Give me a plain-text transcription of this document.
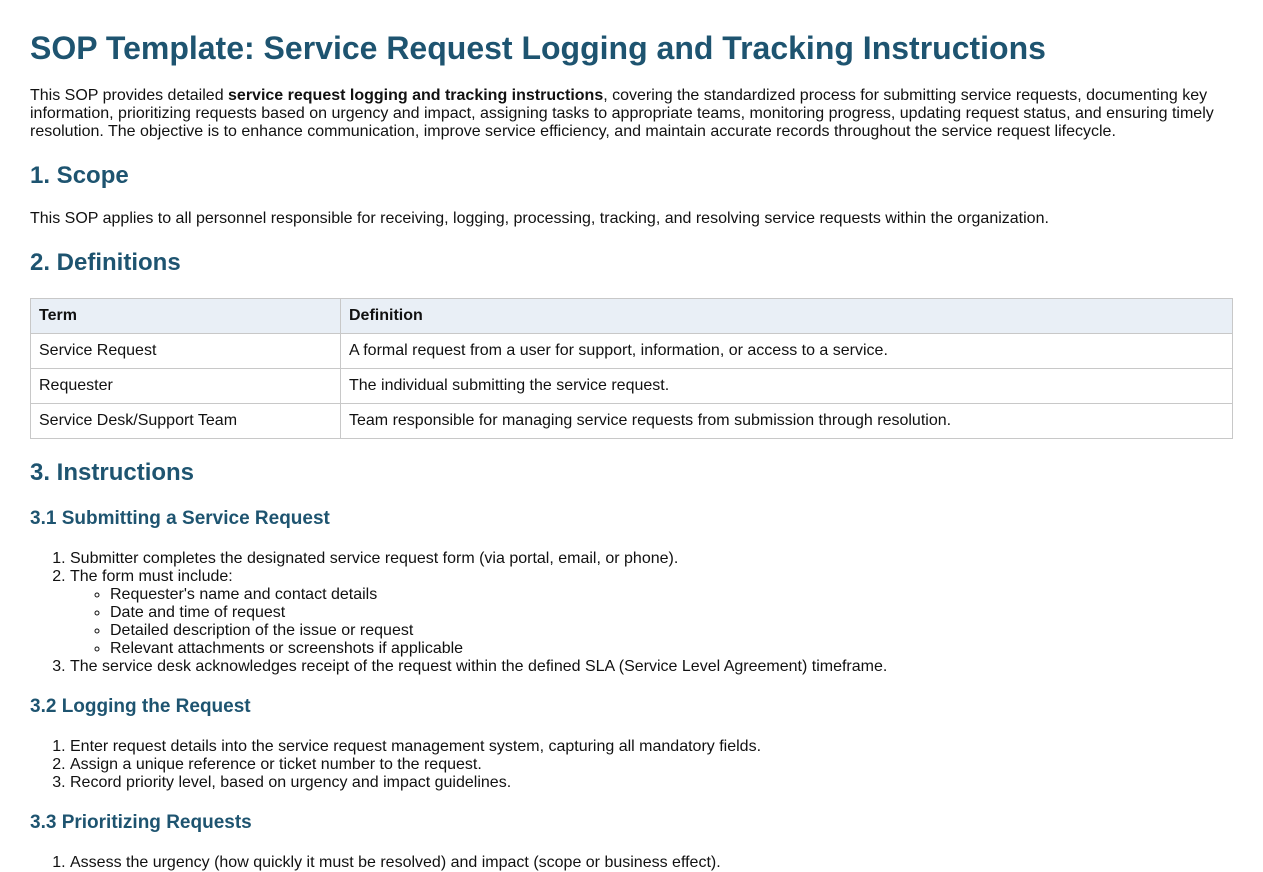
SOP Template: Service Request Logging and Tracking Instructions

This SOP provides detailed service request logging and tracking instructions, covering the standardized process for submitting service requests, documenting key information, prioritizing requests based on urgency and impact, assigning tasks to appropriate teams, monitoring progress, updating request status, and ensuring timely resolution. The objective is to enhance communication, improve service efficiency, and maintain accurate records throughout the service request lifecycle.

1. Scope

This SOP applies to all personnel responsible for receiving, logging, processing, tracking, and resolving service requests within the organization.

2. Definitions
Term	Definition
Service Request	A formal request from a user for support, information, or access to a service.
Requester	The individual submitting the service request.
Service Desk/Support Team	Team responsible for managing service requests from submission through resolution.
3. Instructions
3.1 Submitting a Service Request
1. Submitter completes the designated service request form (via portal, email, or phone).
2. The form must include:
◦ Requester's name and contact details
◦ Date and time of request
◦ Detailed description of the issue or request
◦ Relevant attachments or screenshots if applicable
3. The service desk acknowledges receipt of the request within the defined SLA (Service Level Agreement) timeframe.
3.2 Logging the Request
1. Enter request details into the service request management system, capturing all mandatory fields.
2. Assign a unique reference or ticket number to the request.
3. Record priority level, based on urgency and impact guidelines.
3.3 Prioritizing Requests
1. Assess the urgency (how quickly it must be resolved) and impact (scope or business effect).
